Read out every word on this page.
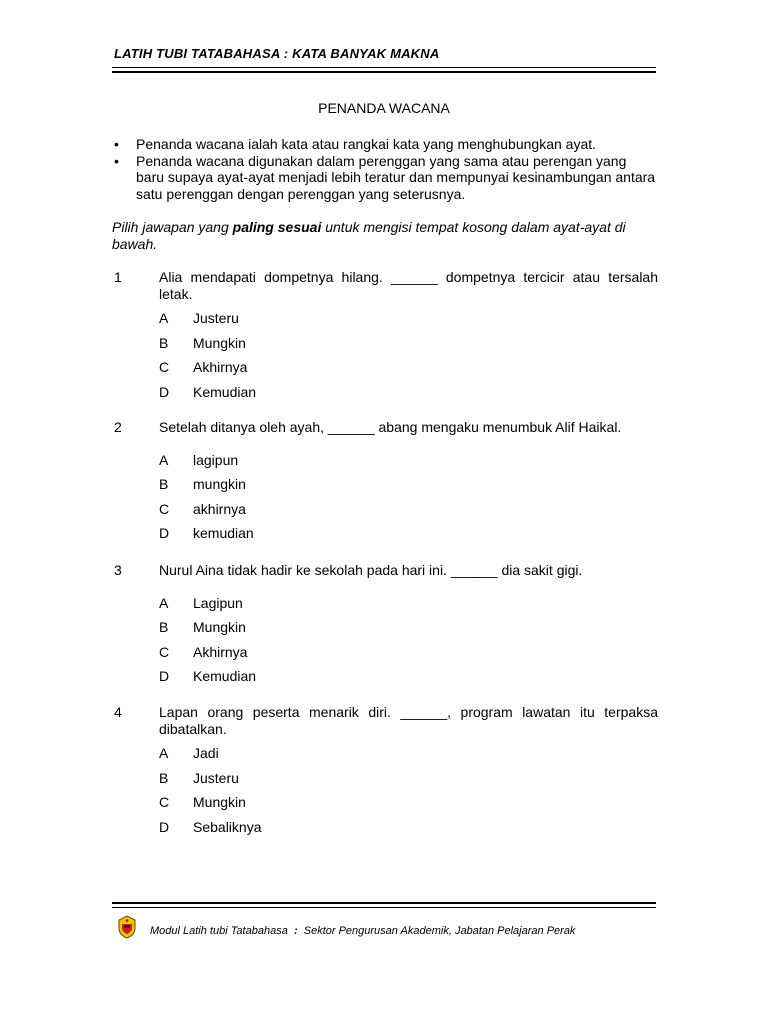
LATIH TUBI TATABAHASA : KATA BANYAK MAKNA
PENANDA WACANA
• Penanda wacana ialah kata atau rangkai kata yang menghubungkan ayat.
• Penanda wacana digunakan dalam perenggan yang sama atau perengan yang baru supaya ayat-ayat menjadi lebih teratur dan mempunyai kesinambungan antara satu perenggan dengan perenggan yang seterusnya.
Pilih jawapan yang paling sesuai untuk mengisi tempat kosong dalam ayat-ayat di bawah.
1	Alia mendapati dompetnya hilang. ______ dompetnya tercicir atau tersalah letak.
A Justeru
B Mungkin
C Akhirnya
D Kemudian
2	Setelah ditanya oleh ayah, ______ abang mengaku menumbuk Alif Haikal.
A lagipun
B mungkin
C akhirnya
D kemudian
3	Nurul Aina tidak hadir ke sekolah pada hari ini. ______ dia sakit gigi.
A Lagipun
B Mungkin
C Akhirnya
D Kemudian
4	Lapan orang peserta menarik diri. ______, program lawatan itu terpaksa dibatalkan.
A Jadi
B Justeru
C Mungkin
D Sebaliknya
Modul Latih tubi Tatabahasa : Sektor Pengurusan Akademik, Jabatan Pelajaran Perak
